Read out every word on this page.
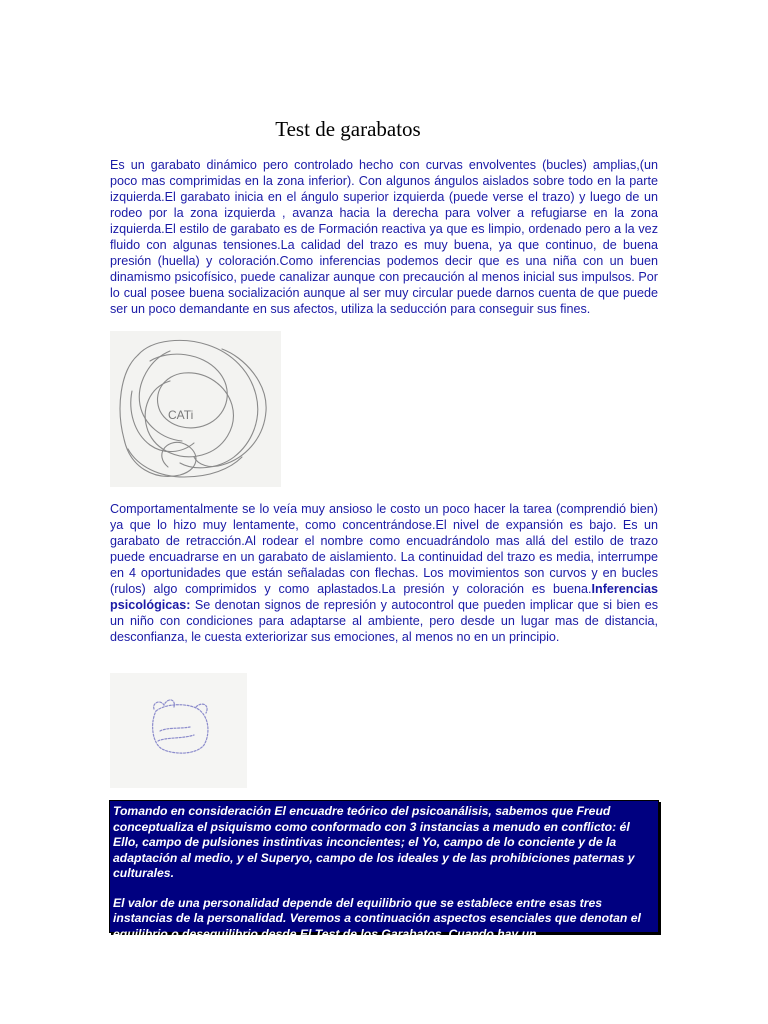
Test de garabatos

Es un garabato dinámico pero controlado hecho con curvas envolventes (bucles) amplias,(un poco mas comprimidas en la zona inferior). Con algunos ángulos aislados sobre todo en la parte izquierda.El garabato inicia en el ángulo superior izquierda (puede verse el trazo) y luego de un rodeo por la zona izquierda , avanza hacia la derecha para volver a refugiarse en la zona izquierda.El estilo de garabato es de Formación reactiva ya que es limpio, ordenado pero a la vez fluido con algunas tensiones.La calidad del trazo es muy buena, ya que continuo, de buena presión (huella) y coloración.Como inferencias podemos decir que es una niña con un buen dinamismo psicofísico, puede canalizar aunque con precaución al menos inicial sus impulsos. Por lo cual posee buena socialización aunque al ser muy circular puede darnos cuenta de que puede ser un poco demandante en sus afectos, utiliza la seducción para conseguir sus fines.

CATi

Comportamentalmente se lo veía muy ansioso le costo un poco hacer la tarea (comprendió bien) ya que lo hizo muy lentamente, como concentrándose.El nivel de expansión es bajo. Es un garabato de retracción.Al rodear el nombre como encuadrándolo mas allá del estilo de trazo puede encuadrarse en un garabato de aislamiento. La continuidad del trazo es media, interrumpe en 4 oportunidades que están señaladas con flechas. Los movimientos son curvos y en bucles (rulos) algo comprimidos y como aplastados.La presión y coloración es buena.Inferencias psicológicas: Se denotan signos de represión y autocontrol que pueden implicar que si bien es un niño con condiciones para adaptarse al ambiente, pero desde un lugar mas de distancia, desconfianza, le cuesta exteriorizar sus emociones, al menos no en un principio.

Tomando en consideración El encuadre teórico del psicoanálisis, sabemos que Freud conceptualiza el psiquismo como conformado con 3 instancias a menudo en conflicto: él Ello, campo de pulsiones instintivas inconcientes; el Yo, campo de lo conciente y de la adaptación al medio, y el Superyo, campo de los ideales y de las prohibiciones paternas y culturales.

El valor de una personalidad depende del equilibrio que se establece entre esas tres instancias de la personalidad. Veremos a continuación aspectos esenciales que denotan el equilibrio o desequilibrio desde El Test de los Garabatos. Cuando hay un
